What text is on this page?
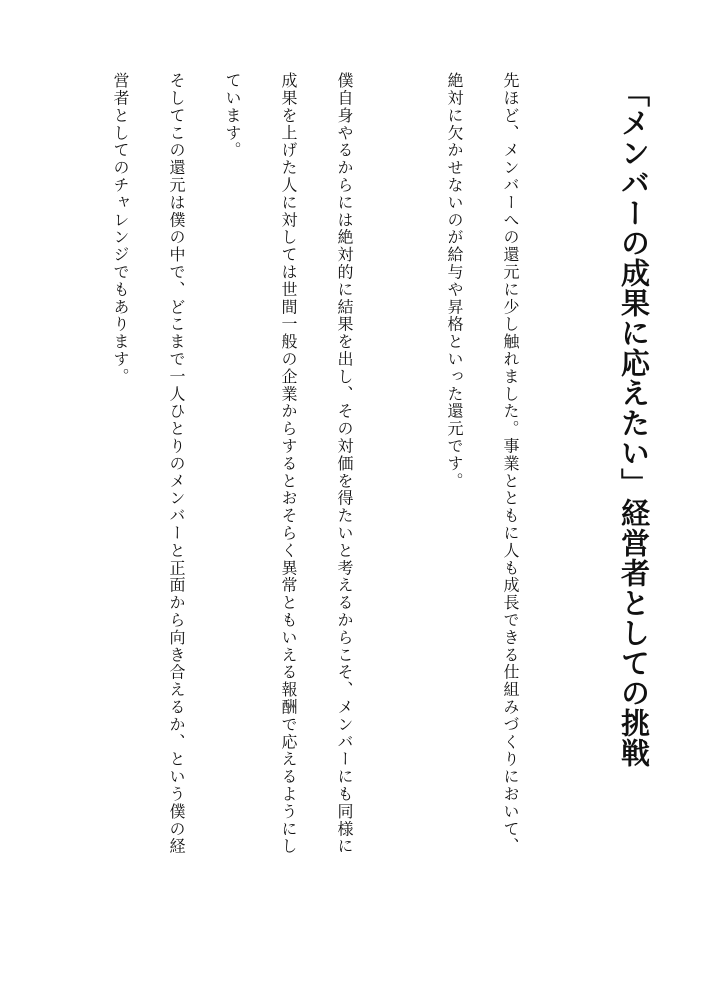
「メンバーの成果に応えたい」経営者としての挑戦
先ほど、メンバーへの還元に少し触れました。事業とともに人も成長できる仕組みづくりにおいて、
絶対に欠かせないのが給与や昇格といった還元です。
僕自身やるからには絶対的に結果を出し、その対価を得たいと考えるからこそ、メンバーにも同様に
成果を上げた人に対しては世間一般の企業からするとおそらく異常ともいえる報酬で応えるようにし
ています。
そしてこの還元は僕の中で、どこまで一人ひとりのメンバーと正面から向き合えるか、という僕の経
営者としてのチャレンジでもあります。
